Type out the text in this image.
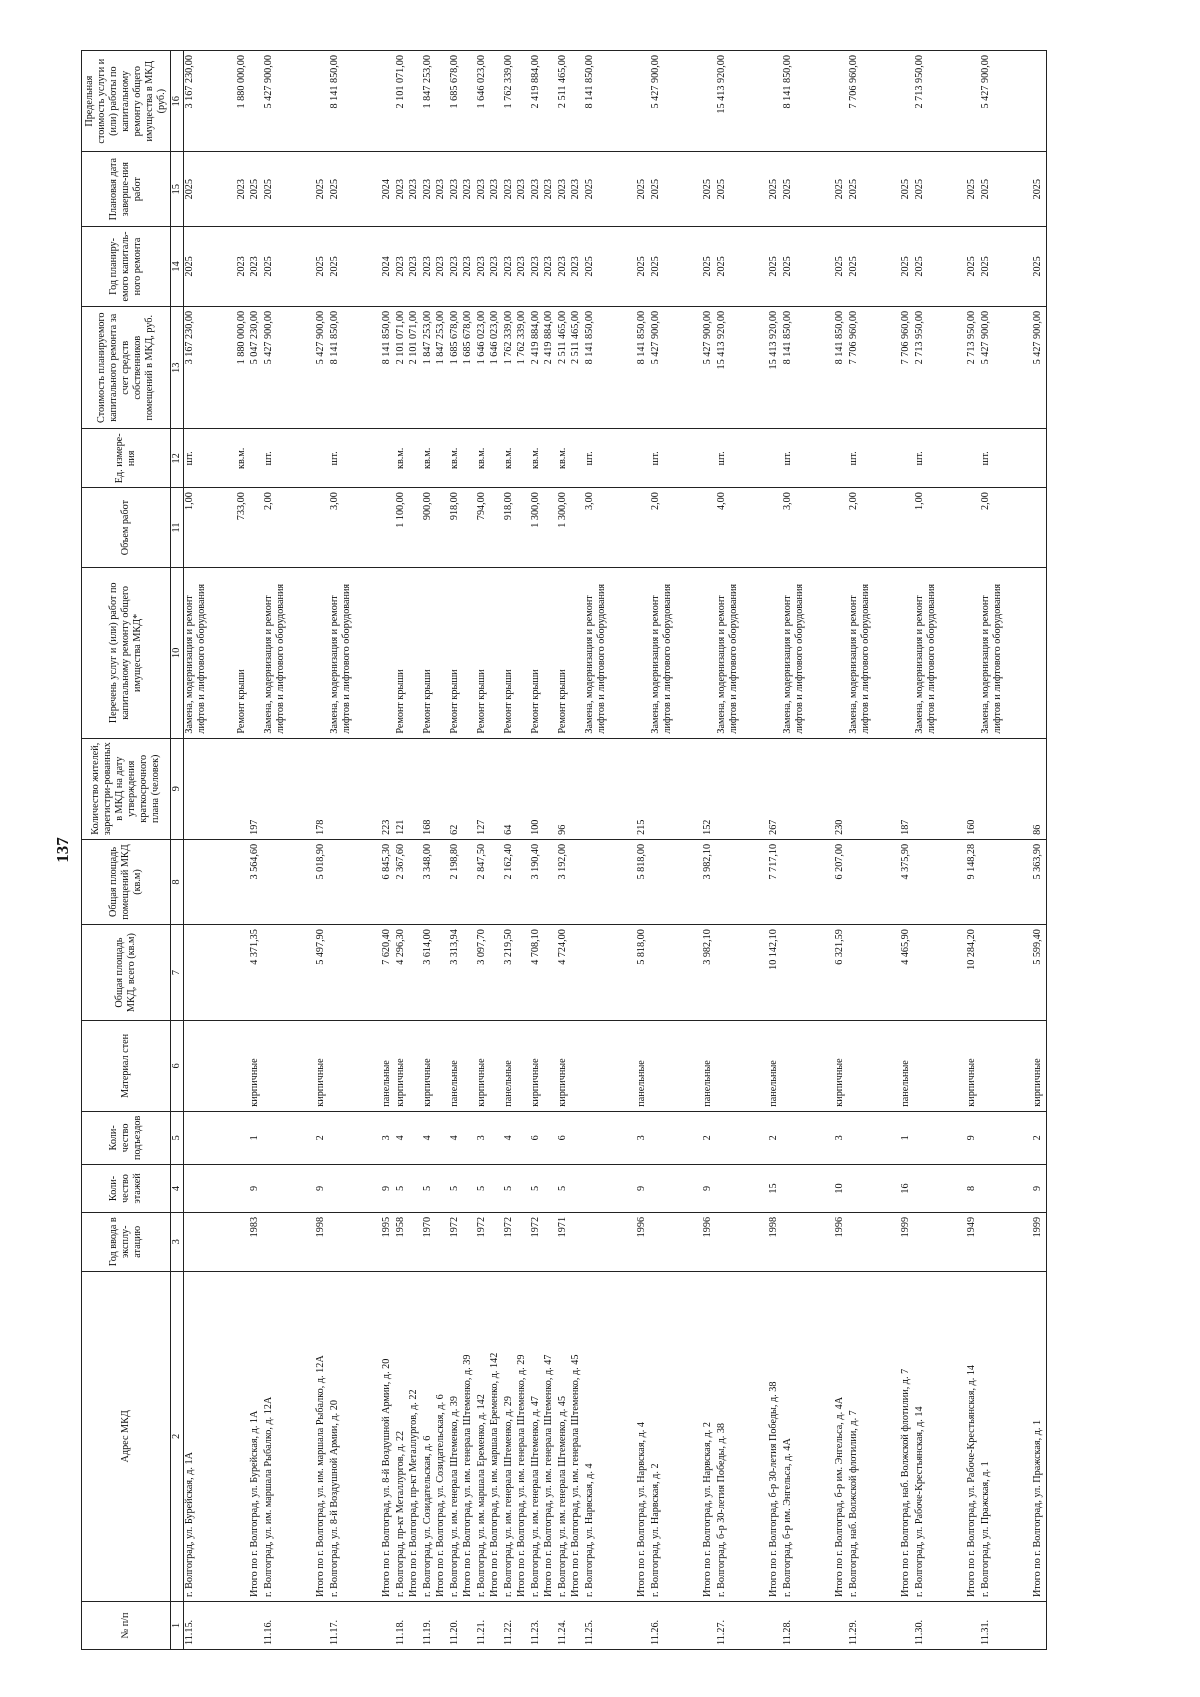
137
№ п/п	Адрес МКД	Год ввода в эксплу-атацию	Коли-чество этажей	Коли-чество подъездов	Материал стен	Общая площадь МКД, всего (кв.м)	Общая площадь помещений МКД (кв.м)	Количество жителей, зарегистри-рованных в МКД на дату утверждения краткосрочного плана (человек)	Перечень услуг и (или) работ по капитальному ремонту общего имущества МКД*	Объем работ	Ед. измере-ния	Стоимость планируемого капитального ремонта за счет средств собственников помещений в МКД, руб.	Год планиру-емого капиталь-ного ремонта	Плановая дата заверше-ния работ	Предельная стоимость услуги и (или) работы по капитальному ремонту общего имущества в МКД (руб.)
1	2	3	4	5	6	7	8	9	10	11	12	13	14	15	16
11.15.	г. Волгоград, ул. Бурейская, д. 1А								Замена, модернизация и ремонт лифтов и лифтового оборудования	1,00	шт.	3 167 230,00	2025	2025	3 167 230,00
									Ремонт крыши	733,00	кв.м.	1 880 000,00	2023	2023	1 880 000,00
	Итого по г. Волгоград, ул. Бурейская, д. 1А	1983	9	1	кирпичные	4 371,35	3 564,60	197				5 047 230,00	2023	2025	
11.16.	г. Волгоград, ул. им. маршала Рыбалко, д. 12А								Замена, модернизация и ремонт лифтов и лифтового оборудования	2,00	шт.	5 427 900,00	2025	2025	5 427 900,00
	Итого по г. Волгоград, ул. им. маршала Рыбалко, д. 12А	1998	9	2	кирпичные	5 497,90	5 018,90	178				5 427 900,00	2025	2025	
11.17.	г. Волгоград, ул. 8-й Воздушной Армии, д. 20								Замена, модернизация и ремонт лифтов и лифтового оборудования	3,00	шт.	8 141 850,00	2025	2025	8 141 850,00
	Итого по г. Волгоград, ул. 8-й Воздушной Армии, д. 20	1995	9	3	панельные	7 620,40	6 845,30	223				8 141 850,00	2024	2024	
11.18.	г. Волгоград, пр-кт Металлургов, д. 22	1958	5	4	кирпичные	4 296,30	2 367,60	121	Ремонт крыши	1 100,00	кв.м.	2 101 071,00	2023	2023	2 101 071,00
	Итого по г. Волгоград, пр-кт Металлургов, д. 22											2 101 071,00	2023	2023	
11.19.	г. Волгоград, ул. Созидательская, д. 6	1970	5	4	кирпичные	3 614,00	3 348,00	168	Ремонт крыши	900,00	кв.м.	1 847 253,00	2023	2023	1 847 253,00
	Итого по г. Волгоград, ул. Созидательская, д. 6											1 847 253,00	2023	2023	
11.20.	г. Волгоград, ул. им. генерала Штеменко, д. 39	1972	5	4	панельные	3 313,94	2 198,80	62	Ремонт крыши	918,00	кв.м.	1 685 678,00	2023	2023	1 685 678,00
	Итого по г. Волгоград, ул. им. генерала Штеменко, д. 39											1 685 678,00	2023	2023	
11.21.	г. Волгоград, ул. им. маршала Еременко, д. 142	1972	5	3	кирпичные	3 097,70	2 847,50	127	Ремонт крыши	794,00	кв.м.	1 646 023,00	2023	2023	1 646 023,00
	Итого по г. Волгоград, ул. им. маршала Еременко, д. 142											1 646 023,00	2023	2023	
11.22.	г. Волгоград, ул. им. генерала Штеменко, д. 29	1972	5	4	панельные	3 219,50	2 162,40	64	Ремонт крыши	918,00	кв.м.	1 762 339,00	2023	2023	1 762 339,00
	Итого по г. Волгоград, ул. им. генерала Штеменко, д. 29											1 762 339,00	2023	2023	
11.23.	г. Волгоград, ул. им. генерала Штеменко, д. 47	1972	5	6	кирпичные	4 708,10	3 190,40	100	Ремонт крыши	1 300,00	кв.м.	2 419 884,00	2023	2023	2 419 884,00
	Итого по г. Волгоград, ул. им. генерала Штеменко, д. 47											2 419 884,00	2023	2023	
11.24.	г. Волгоград, ул. им. генерала Штеменко, д. 45	1971	5	6	кирпичные	4 724,00	3 192,00	96	Ремонт крыши	1 300,00	кв.м.	2 511 465,00	2023	2023	2 511 465,00
	Итого по г. Волгоград, ул. им. генерала Штеменко, д. 45											2 511 465,00	2023	2023	
11.25.	г. Волгоград, ул. Нарвская, д. 4								Замена, модернизация и ремонт лифтов и лифтового оборудования	3,00	шт.	8 141 850,00	2025	2025	8 141 850,00
	Итого по г. Волгоград, ул. Нарвская, д. 4	1996	9	3	панельные	5 818,00	5 818,00	215				8 141 850,00	2025	2025	
11.26.	г. Волгоград, ул. Нарвская, д. 2								Замена, модернизация и ремонт лифтов и лифтового оборудования	2,00	шт.	5 427 900,00	2025	2025	5 427 900,00
	Итого по г. Волгоград, ул. Нарвская, д. 2	1996	9	2	панельные	3 982,10	3 982,10	152				5 427 900,00	2025	2025	
11.27.	г. Волгоград, б-р 30-летия Победы, д. 38								Замена, модернизация и ремонт лифтов и лифтового оборудования	4,00	шт.	15 413 920,00	2025	2025	15 413 920,00
	Итого по г. Волгоград, б-р 30-летия Победы, д. 38	1998	15	2	панельные	10 142,10	7 717,10	267				15 413 920,00	2025	2025	
11.28.	г. Волгоград, б-р им. Энгельса, д. 4А								Замена, модернизация и ремонт лифтов и лифтового оборудования	3,00	шт.	8 141 850,00	2025	2025	8 141 850,00
	Итого по г. Волгоград, б-р им. Энгельса, д. 4А	1996	10	3	кирпичные	6 321,59	6 207,00	230				8 141 850,00	2025	2025	
11.29.	г. Волгоград, наб. Волжской флотилии, д. 7								Замена, модернизация и ремонт лифтов и лифтового оборудования	2,00	шт.	7 706 960,00	2025	2025	7 706 960,00
	Итого по г. Волгоград, наб. Волжской флотилии, д. 7	1999	16	1	панельные	4 465,90	4 375,90	187				7 706 960,00	2025	2025	
11.30.	г. Волгоград, ул. Рабоче-Крестьянская, д. 14								Замена, модернизация и ремонт лифтов и лифтового оборудования	1,00	шт.	2 713 950,00	2025	2025	2 713 950,00
	Итого по г. Волгоград, ул. Рабоче-Крестьянская, д. 14	1949	8	9	кирпичные	10 284,20	9 148,28	160				2 713 950,00	2025	2025	
11.31.	г. Волгоград, ул. Пражская, д. 1								Замена, модернизация и ремонт лифтов и лифтового оборудования	2,00	шт.	5 427 900,00	2025	2025	5 427 900,00
	Итого по г. Волгоград, ул. Пражская, д. 1	1999	9	2	кирпичные	5 599,40	5 363,90	86				5 427 900,00	2025	2025	
